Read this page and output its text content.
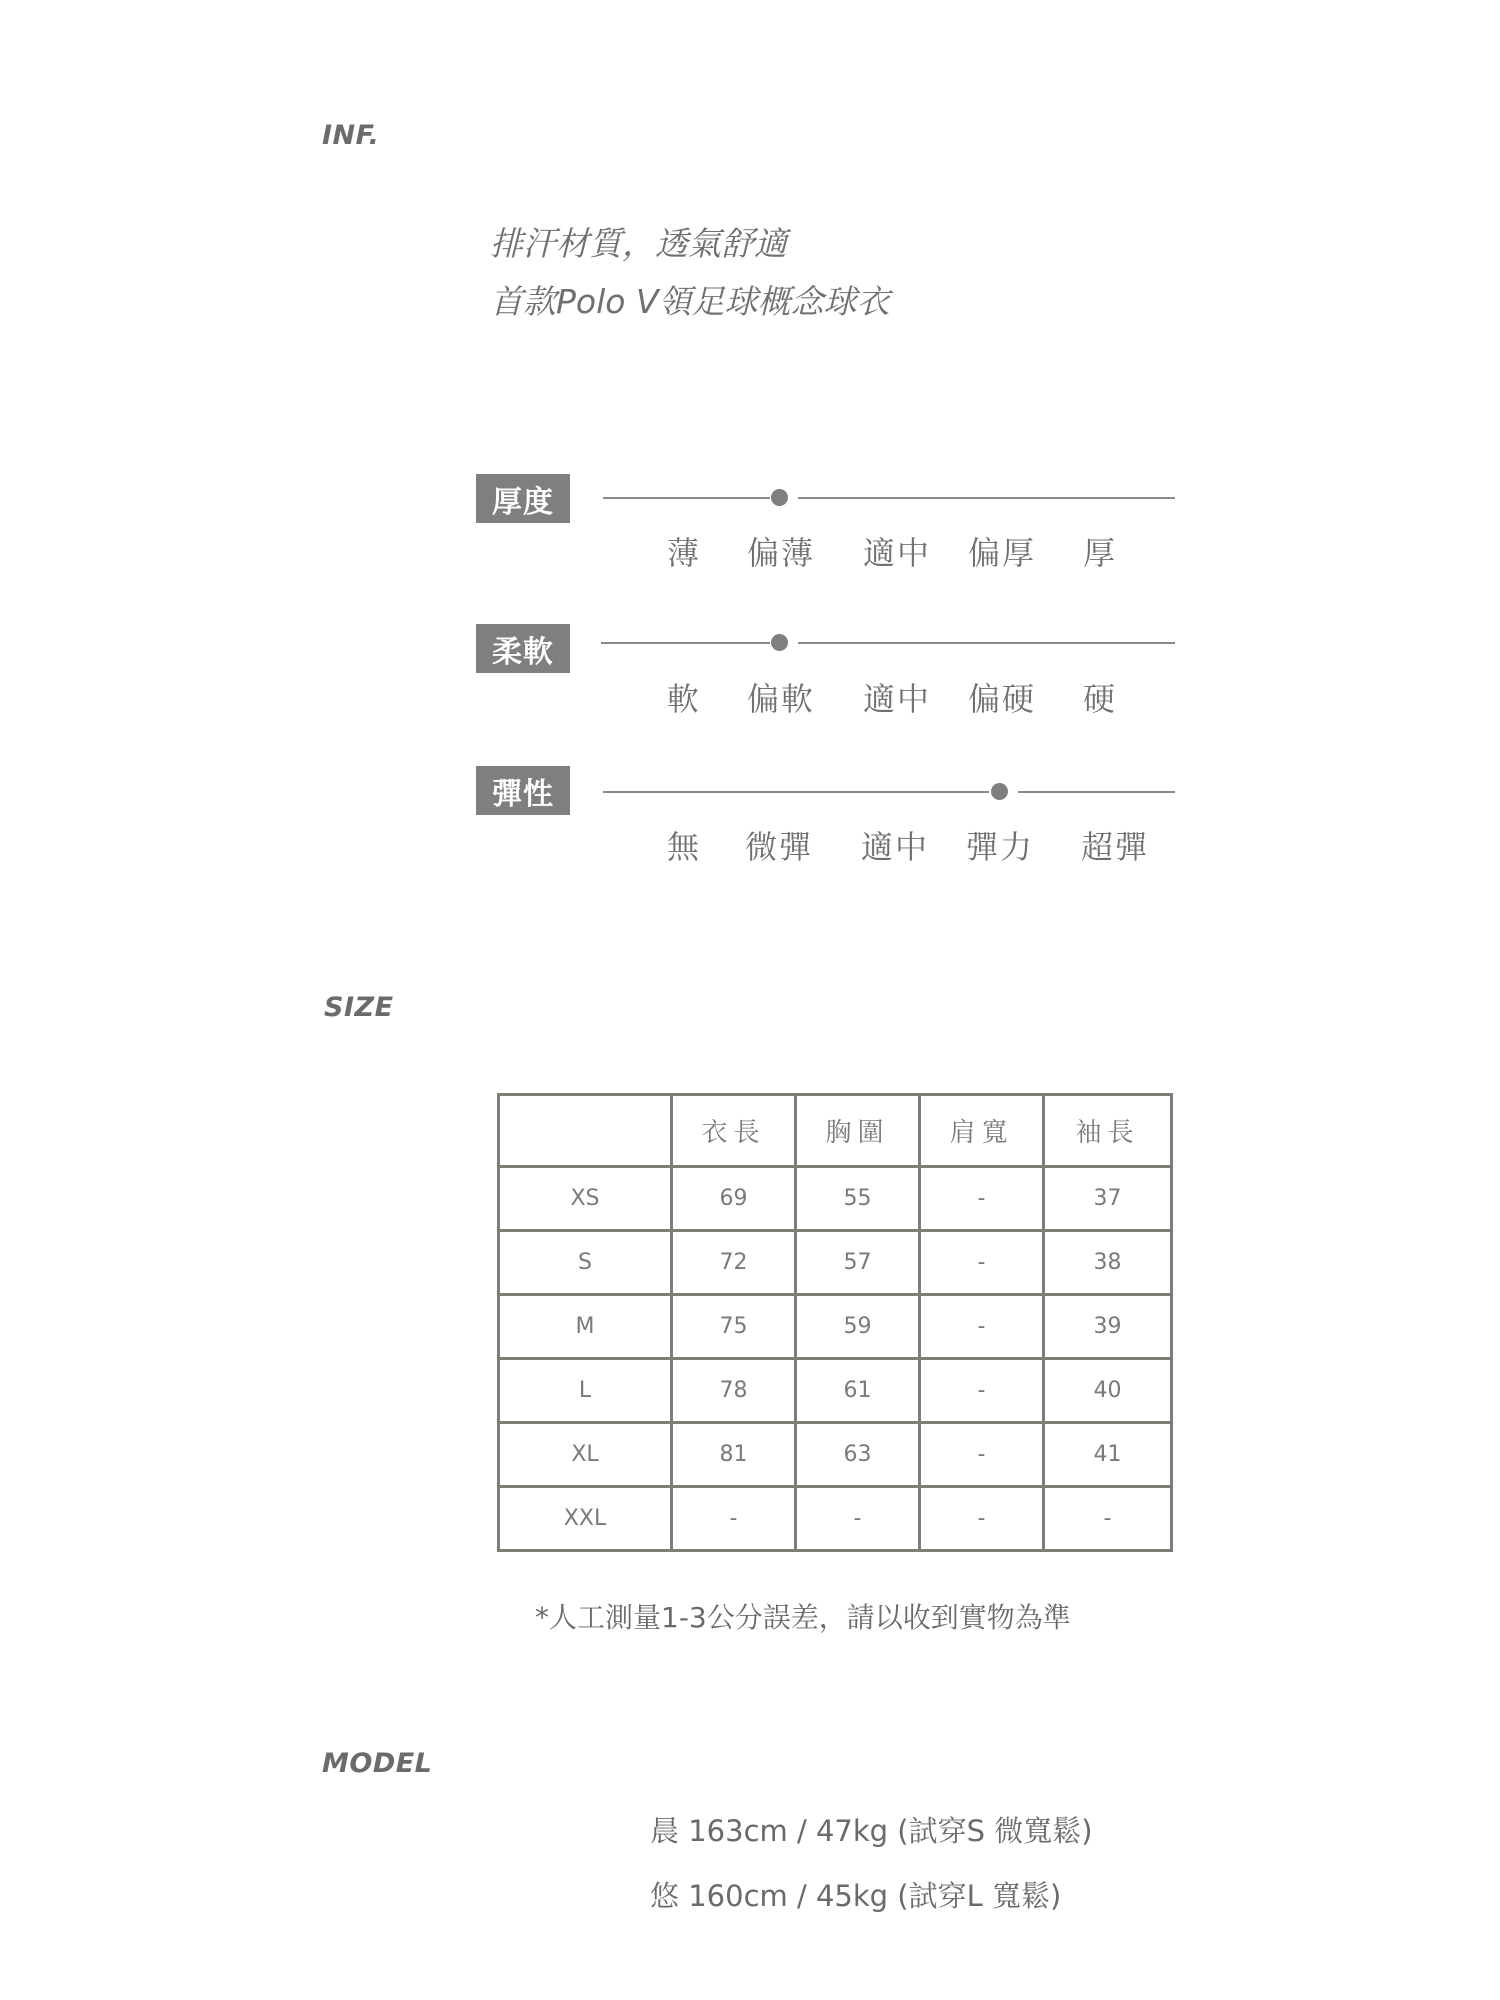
INF.
排汗材質，透氣舒適
首款Polo V領足球概念球衣
厚度
薄 偏薄 適中 偏厚 厚
柔軟
軟 偏軟 適中 偏硬 硬
彈性
無 微彈 適中 彈力 超彈
SIZE
	衣長	胸圍	肩寬	袖長
XS	69	55	-	37
S	72	57	-	38
M	75	59	-	39
L	78	61	-	40
XL	81	63	-	41
XXL	-	-	-	-
*人工測量1-3公分誤差，請以收到實物為準
MODEL
晨 163cm / 47kg (試穿S 微寬鬆)
悠 160cm / 45kg (試穿L 寬鬆)
